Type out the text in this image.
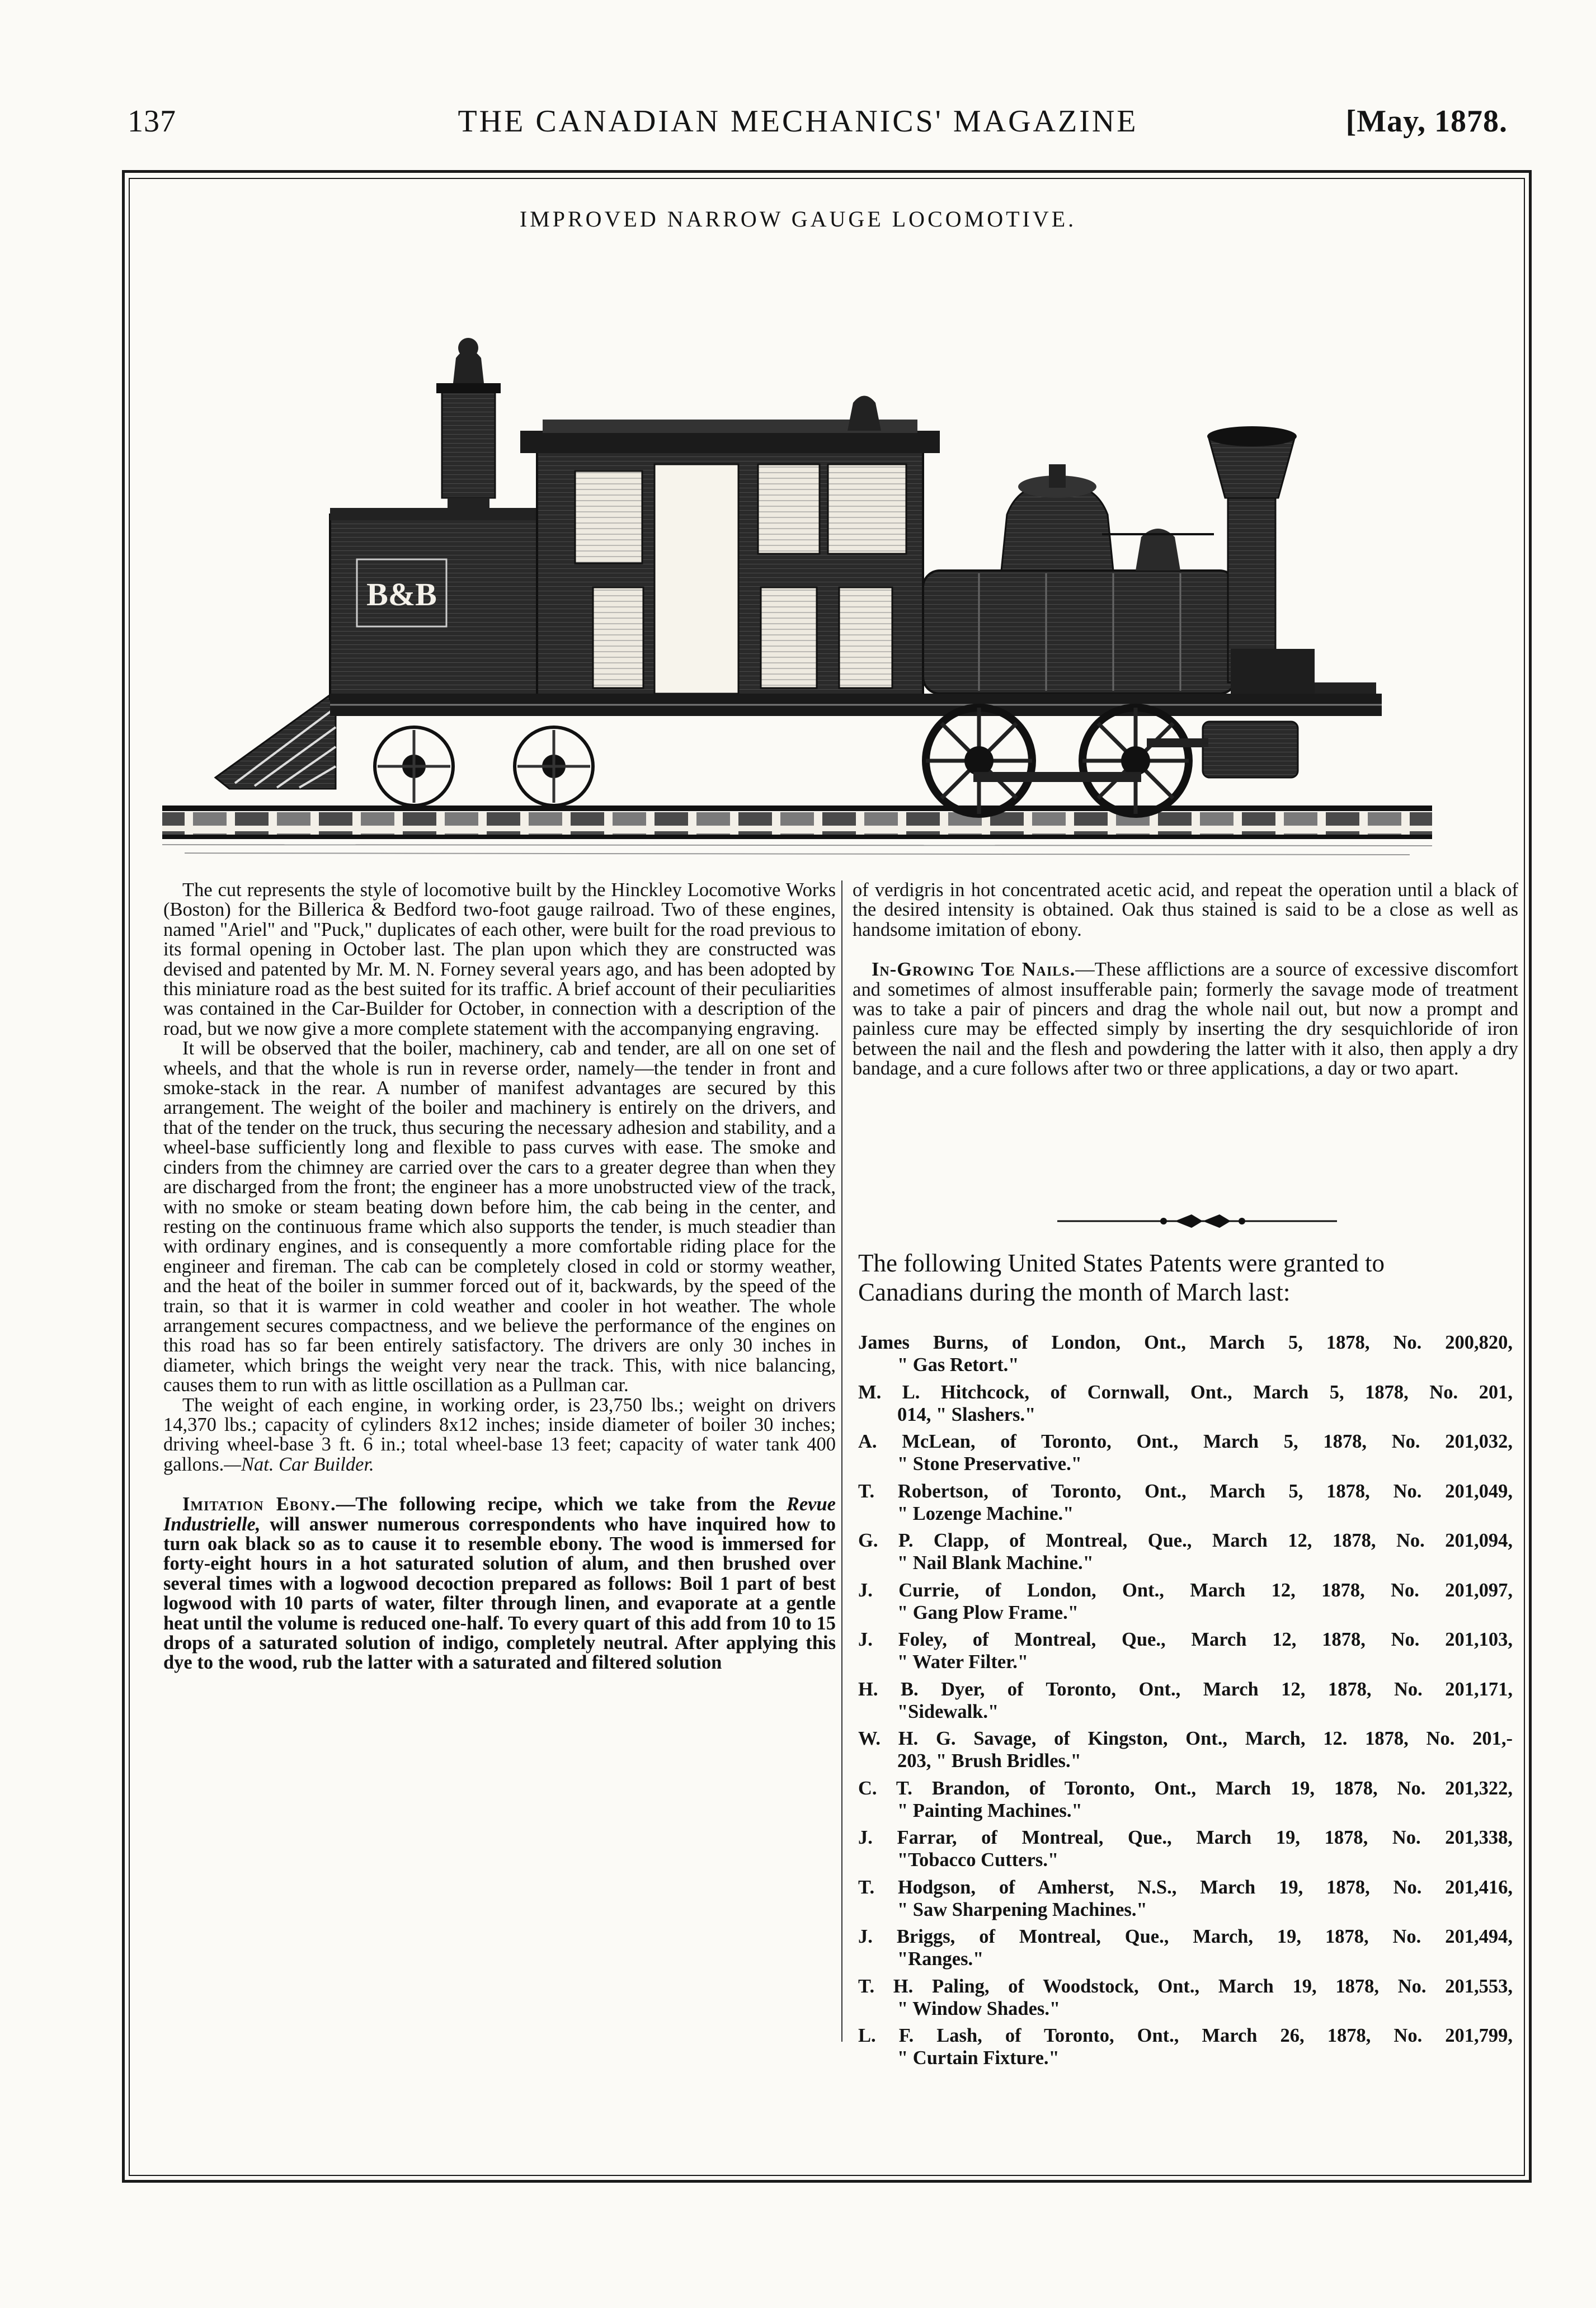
137	THE CANADIAN MECHANICS' MAGAZINE	[May, 1878.
IMPROVED NARROW GAUGE LOCOMOTIVE.
B&B

The cut represents the style of locomotive built by the Hinckley Locomotive Works (Boston) for the Billerica & Bedford two-foot gauge railroad. Two of these engines, named "Ariel" and "Puck," duplicates of each other, were built for the road previous to its formal opening in October last. The plan upon which they are constructed was devised and patented by Mr. M. N. Forney several years ago, and has been adopted by this miniature road as the best suited for its traffic. A brief account of their peculiarities was contained in the Car-Builder for October, in connection with a description of the road, but we now give a more complete statement with the accompanying engraving.

It will be observed that the boiler, machinery, cab and tender, are all on one set of wheels, and that the whole is run in reverse order, namely—the tender in front and smoke-stack in the rear. A number of manifest advantages are secured by this arrangement. The weight of the boiler and machinery is entirely on the drivers, and that of the tender on the truck, thus securing the necessary adhesion and stability, and a wheel-base sufficiently long and flexible to pass curves with ease. The smoke and cinders from the chimney are carried over the cars to a greater degree than when they are discharged from the front; the engineer has a more unobstructed view of the track, with no smoke or steam beating down before him, the cab being in the center, and resting on the continuous frame which also supports the tender, is much steadier than with ordinary engines, and is consequently a more comfortable riding place for the engineer and fireman. The cab can be completely closed in cold or stormy weather, and the heat of the boiler in summer forced out of it, backwards, by the speed of the train, so that it is warmer in cold weather and cooler in hot weather. The whole arrangement secures compactness, and we believe the performance of the engines on this road has so far been entirely satisfactory. The drivers are only 30 inches in diameter, which brings the weight very near the track. This, with nice balancing, causes them to run with as little oscillation as a Pullman car.

The weight of each engine, in working order, is 23,750 lbs.; weight on drivers 14,370 lbs.; capacity of cylinders 8x12 inches; inside diameter of boiler 30 inches; driving wheel-base 3 ft. 6 in.; total wheel-base 13 feet; capacity of water tank 400 gallons.—Nat. Car Builder.

Imitation Ebony.—The following recipe, which we take from the Revue Industrielle, will answer numerous correspondents who have inquired how to turn oak black so as to cause it to resemble ebony. The wood is immersed for forty-eight hours in a hot saturated solution of alum, and then brushed over several times with a logwood decoction prepared as follows: Boil 1 part of best logwood with 10 parts of water, filter through linen, and evaporate at a gentle heat until the volume is reduced one-half. To every quart of this add from 10 to 15 drops of a saturated solution of indigo, completely neutral. After applying this dye to the wood, rub the latter with a saturated and filtered solution

of verdigris in hot concentrated acetic acid, and repeat the operation until a black of the desired intensity is obtained. Oak thus stained is said to be a close as well as handsome imitation of ebony.

In-Growing Toe Nails.—These afflictions are a source of excessive discomfort and sometimes of almost insufferable pain; formerly the savage mode of treatment was to take a pair of pincers and drag the whole nail out, but now a prompt and painless cure may be effected simply by inserting the dry sesquichloride of iron between the nail and the flesh and powdering the latter with it also, then apply a dry bandage, and a cure follows after two or three applications, a day or two apart.

The following United States Patents were granted to
Canadians during the month of March last:
James Burns, of London, Ont., March 5, 1878, No. 200,820,
" Gas Retort."
M. L. Hitchcock, of Cornwall, Ont., March 5, 1878, No. 201,
014, " Slashers."
A. McLean, of Toronto, Ont., March 5, 1878, No. 201,032,
" Stone Preservative."
T. Robertson, of Toronto, Ont., March 5, 1878, No. 201,049,
" Lozenge Machine."
G. P. Clapp, of Montreal, Que., March 12, 1878, No. 201,094,
" Nail Blank Machine."
J. Currie, of London, Ont., March 12, 1878, No. 201,097,
" Gang Plow Frame."
J. Foley, of Montreal, Que., March 12, 1878, No. 201,103,
" Water Filter."
H. B. Dyer, of Toronto, Ont., March 12, 1878, No. 201,171,
"Sidewalk."
W. H. G. Savage, of Kingston, Ont., March, 12. 1878, No. 201,-
203, " Brush Bridles."
C. T. Brandon, of Toronto, Ont., March 19, 1878, No. 201,322,
" Painting Machines."
J. Farrar, of Montreal, Que., March 19, 1878, No. 201,338,
"Tobacco Cutters."
T. Hodgson, of Amherst, N.S., March 19, 1878, No. 201,416,
" Saw Sharpening Machines."
J. Briggs, of Montreal, Que., March, 19, 1878, No. 201,494,
"Ranges."
T. H. Paling, of Woodstock, Ont., March 19, 1878, No. 201,553,
" Window Shades."
L. F. Lash, of Toronto, Ont., March 26, 1878, No. 201,799,
" Curtain Fixture."
